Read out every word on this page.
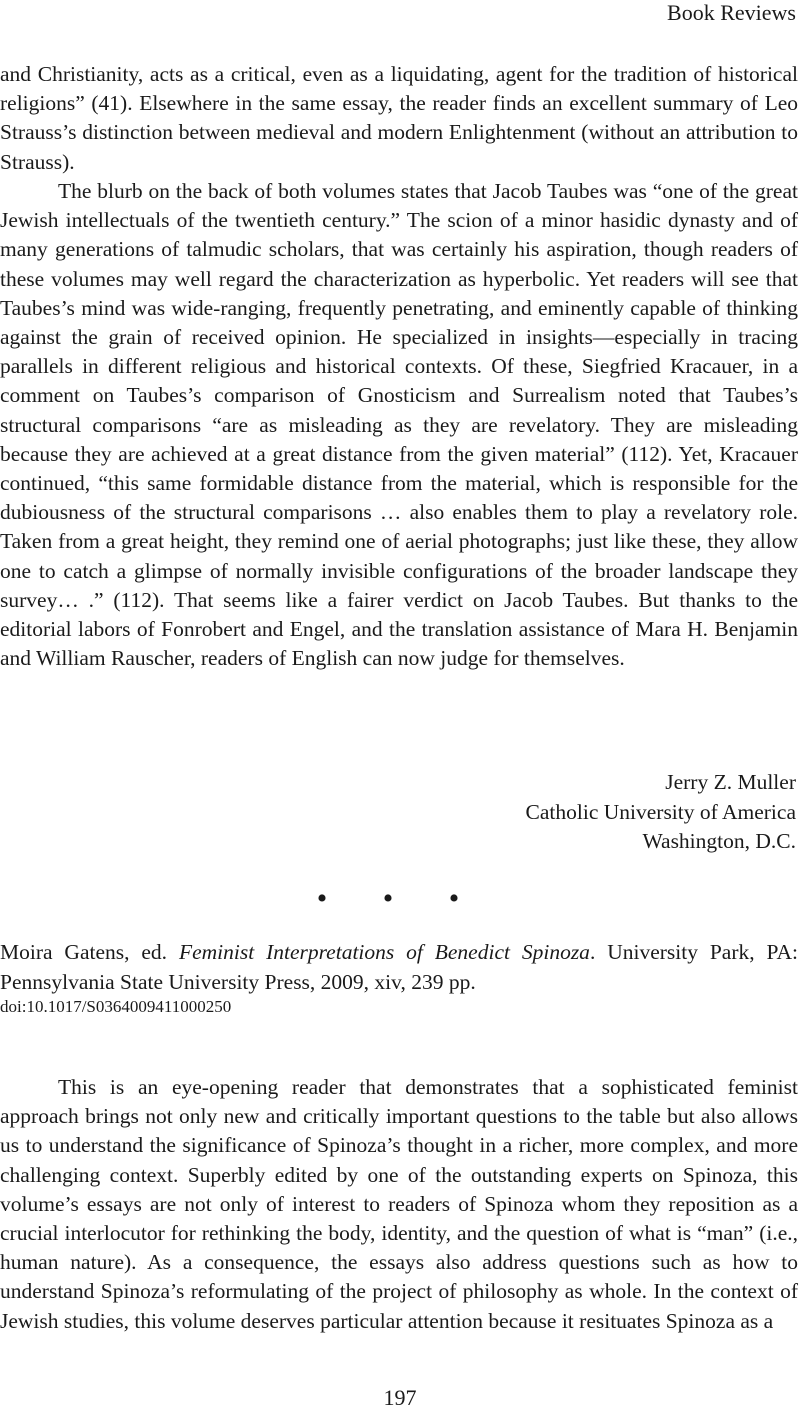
Book Reviews

and Christianity, acts as a critical, even as a liquidating, agent for the tradition of historical religions” (41). Elsewhere in the same essay, the reader finds an excellent summary of Leo Strauss’s distinction between medieval and modern Enlightenment (without an attribution to Strauss).

The blurb on the back of both volumes states that Jacob Taubes was “one of the great Jewish intellectuals of the twentieth century.” The scion of a minor hasidic dynasty and of many generations of talmudic scholars, that was certainly his aspiration, though readers of these volumes may well regard the characterization as hyperbolic. Yet readers will see that Taubes’s mind was wide-ranging, frequently penetrating, and eminently capable of thinking against the grain of received opinion. He specialized in insights—especially in tracing parallels in different religious and historical contexts. Of these, Siegfried Kracauer, in a comment on Taubes’s comparison of Gnosticism and Surrealism noted that Taubes’s structural comparisons “are as misleading as they are revelatory. They are misleading because they are achieved at a great distance from the given material” (112). Yet, Kracauer continued, “this same formidable distance from the material, which is responsible for the dubiousness of the structural comparisons … also enables them to play a revelatory role. Taken from a great height, they remind one of aerial photographs; just like these, they allow one to catch a glimpse of normally invisible configurations of the broader landscape they survey… .” (112). That seems like a fairer verdict on Jacob Taubes. But thanks to the editorial labors of Fonrobert and Engel, and the translation assistance of Mara H. Benjamin and William Rauscher, readers of English can now judge for themselves.

Jerry Z. Muller
Catholic University of America
Washington, D.C.
• • •
Moira Gatens, ed. Feminist Interpretations of Benedict Spinoza. University Park, PA: Pennsylvania State University Press, 2009, xiv, 239 pp.
doi:10.1017/S0364009411000250

This is an eye-opening reader that demonstrates that a sophisticated feminist approach brings not only new and critically important questions to the table but also allows us to understand the significance of Spinoza’s thought in a richer, more complex, and more challenging context. Superbly edited by one of the outstanding experts on Spinoza, this volume’s essays are not only of interest to readers of Spinoza whom they reposition as a crucial interlocutor for rethinking the body, identity, and the question of what is “man” (i.e., human nature). As a consequence, the essays also address questions such as how to understand Spinoza’s reformulating of the project of philosophy as whole. In the context of Jewish studies, this volume deserves particular attention because it resituates Spinoza as a

197
